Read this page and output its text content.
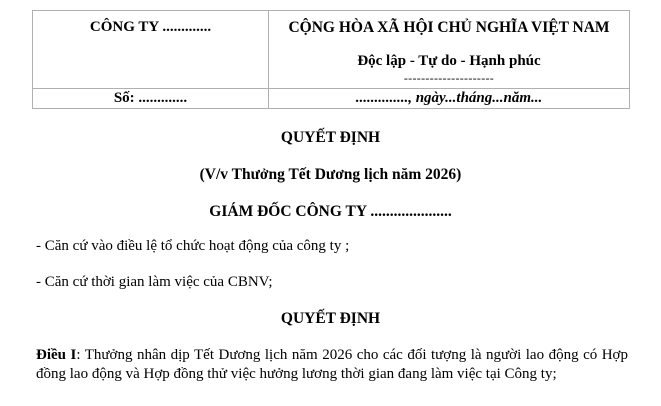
CÔNG TY .............	CỘNG HÒA XÃ HỘI CHỦ NGHĨA VIỆT NAM
Độc lập - Tự do - Hạnh phúc
---------------------

Số: .............	.............., ngày...tháng...năm...

QUYẾT ĐỊNH

(V/v Thưởng Tết Dương lịch năm 2026)

GIÁM ĐỐC CÔNG TY .....................

- Căn cứ vào điều lệ tổ chức hoạt động của công ty ;

- Căn cứ thời gian làm việc của CBNV;

QUYẾT ĐỊNH

Điều I: Thưởng nhân dịp Tết Dương lịch năm 2026 cho các đối tượng là người lao động có Hợp đồng lao động và Hợp đồng thử việc hưởng lương thời gian đang làm việc tại Công ty;
